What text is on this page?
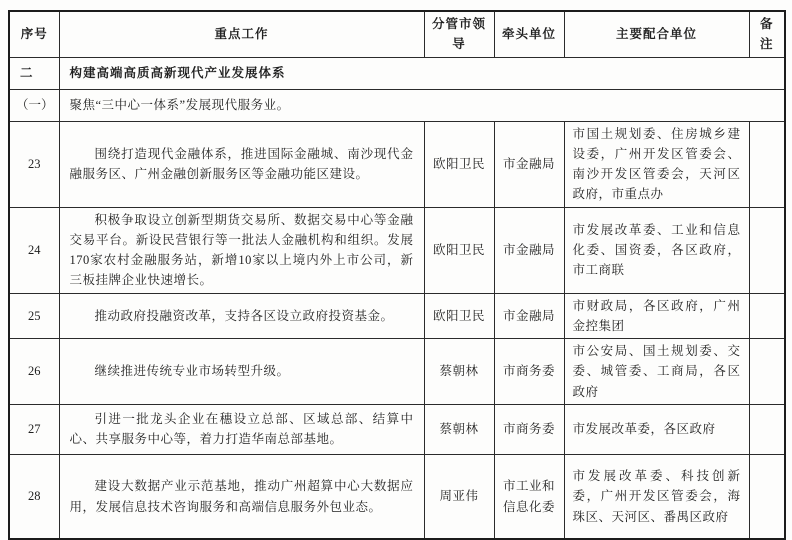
序号	重点工作	分管市领导	牵头单位	主要配合单位	备注
二	构建高端高质高新现代产业发展体系				
（一）	聚焦“三中心一体系”发展现代服务业。				
23	围绕打造现代金融体系，推进国际金融城、南沙现代金融服务区、广州金融创新服务区等金融功能区建设。	欧阳卫民	市金融局	市国土规划委、住房城乡建设委，广州开发区管委会、南沙开发区管委会，天河区政府，市重点办	
24	积极争取设立创新型期货交易所、数据交易中心等金融交易平台。新设民营银行等一批法人金融机构和组织。发展170家农村金融服务站，新增10家以上境内外上市公司，新三板挂牌企业快速增长。	欧阳卫民	市金融局	市发展改革委、工业和信息化委、国资委，各区政府，市工商联	
25	推动政府投融资改革，支持各区设立政府投资基金。	欧阳卫民	市金融局	市财政局，各区政府，广州金控集团	
26	继续推进传统专业市场转型升级。	蔡朝林	市商务委	市公安局、国土规划委、交委、城管委、工商局，各区政府	
27	引进一批龙头企业在穗设立总部、区域总部、结算中心、共享服务中心等，着力打造华南总部基地。	蔡朝林	市商务委	市发展改革委，各区政府	
28	建设大数据产业示范基地，推动广州超算中心大数据应用，发展信息技术咨询服务和高端信息服务外包业态。	周亚伟	市工业和信息化委	市发展改革委、科技创新委，广州开发区管委会，海珠区、天河区、番禺区政府	
